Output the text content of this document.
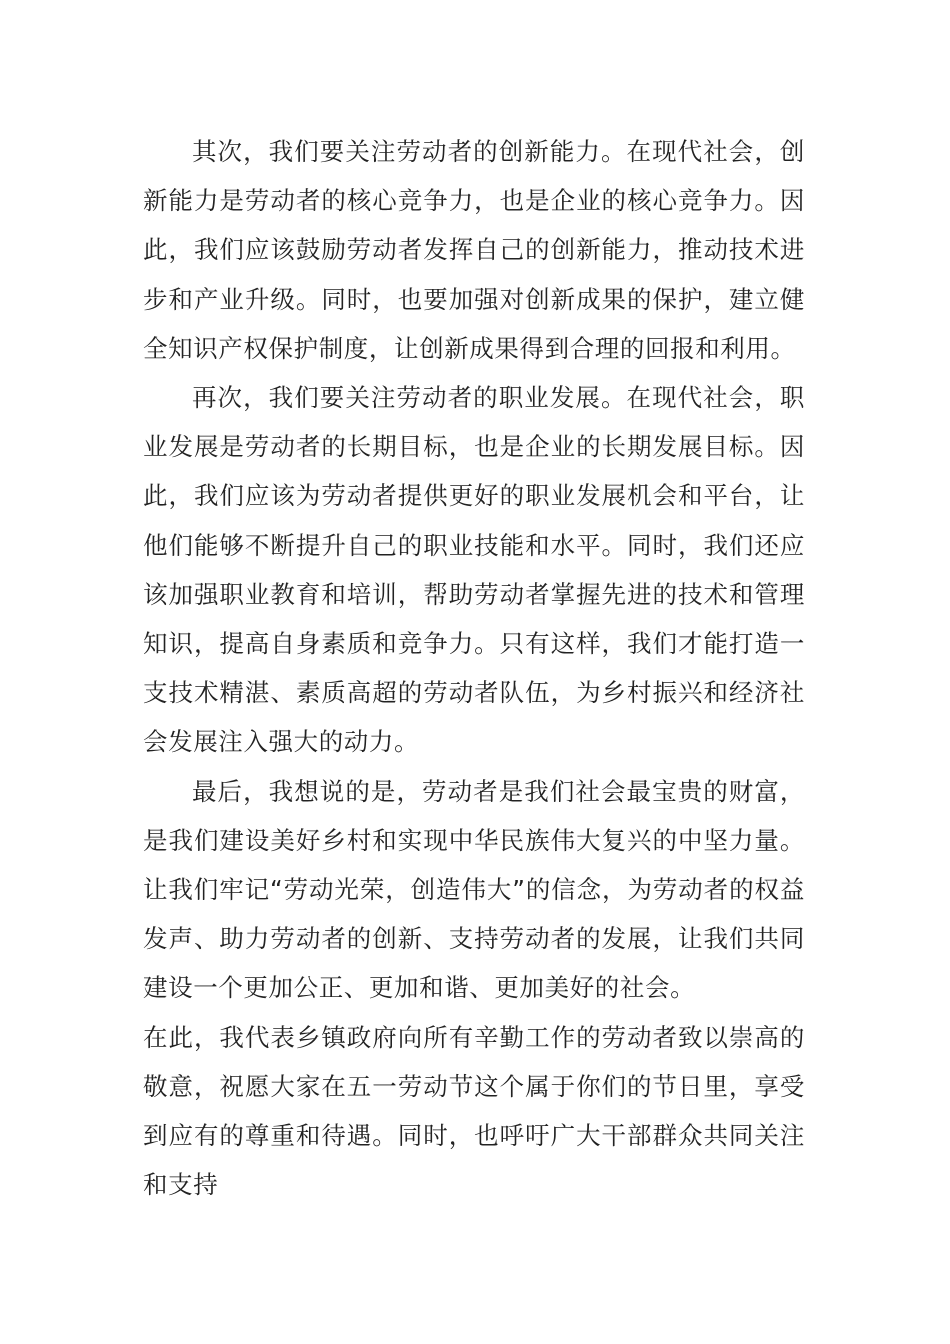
其次，我们要关注劳动者的创新能力。在现代社会，创新能力是劳动者的核心竞争力，也是企业的核心竞争力。因此，我们应该鼓励劳动者发挥自己的创新能力，推动技术进步和产业升级。同时，也要加强对创新成果的保护，建立健全知识产权保护制度，让创新成果得到合理的回报和利用。

再次，我们要关注劳动者的职业发展。在现代社会，职业发展是劳动者的长期目标，也是企业的长期发展目标。因此，我们应该为劳动者提供更好的职业发展机会和平台，让他们能够不断提升自己的职业技能和水平。同时，我们还应该加强职业教育和培训，帮助劳动者掌握先进的技术和管理知识，提高自身素质和竞争力。只有这样，我们才能打造一支技术精湛、素质高超的劳动者队伍，为乡村振兴和经济社会发展注入强大的动力。

最后，我想说的是，劳动者是我们社会最宝贵的财富，是我们建设美好乡村和实现中华民族伟大复兴的中坚力量。让我们牢记“劳动光荣，创造伟大”的信念，为劳动者的权益发声、助力劳动者的创新、支持劳动者的发展，让我们共同建设一个更加公正、更加和谐、更加美好的社会。

在此，我代表乡镇政府向所有辛勤工作的劳动者致以崇高的敬意，祝愿大家在五一劳动节这个属于你们的节日里，享受到应有的尊重和待遇。同时，也呼吁广大干部群众共同关注和支持
